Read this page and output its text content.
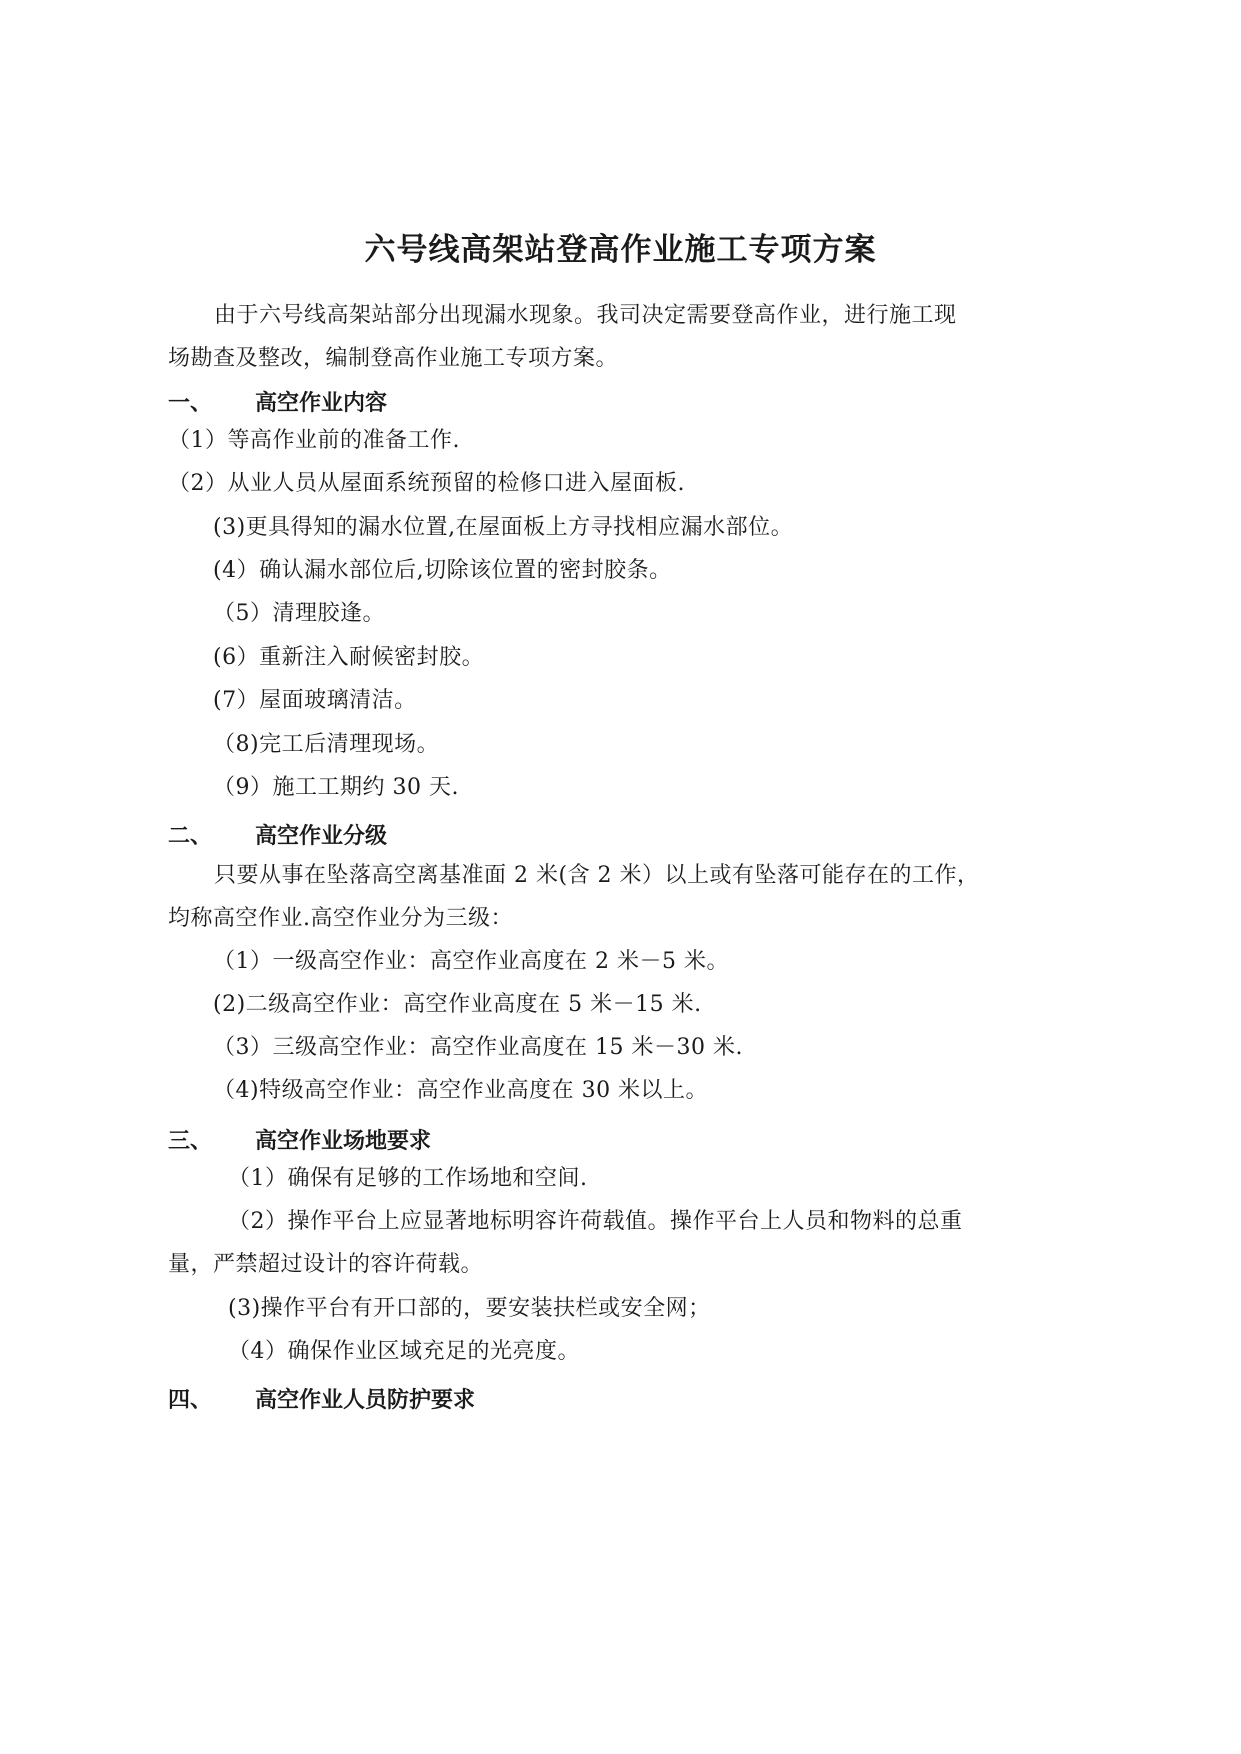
六号线高架站登高作业施工专项方案
由于六号线高架站部分出现漏水现象。我司决定需要登高作业，进行施工现
场勘查及整改，编制登高作业施工专项方案。
一、 高空作业内容
（1）等高作业前的准备工作.
（2）从业人员从屋面系统预留的检修口进入屋面板.
(3)更具得知的漏水位置,在屋面板上方寻找相应漏水部位。
(4）确认漏水部位后,切除该位置的密封胶条。
（5）清理胶逢。
(6）重新注入耐候密封胶。
(7）屋面玻璃清洁。
（8)完工后清理现场。
（9）施工工期约 30 天.
二、 高空作业分级
只要从事在坠落高空离基准面 2 米(含 2 米）以上或有坠落可能存在的工作，
均称高空作业.高空作业分为三级：
（1）一级高空作业：高空作业高度在 2 米－5 米。
(2)二级高空作业：高空作业高度在 5 米－15 米.
（3）三级高空作业：高空作业高度在 15 米－30 米.
（4)特级高空作业：高空作业高度在 30 米以上。
三、 高空作业场地要求
（1）确保有足够的工作场地和空间.
（2）操作平台上应显著地标明容许荷载值。操作平台上人员和物料的总重
量，严禁超过设计的容许荷载。
(3)操作平台有开口部的，要安装扶栏或安全网；
（4）确保作业区域充足的光亮度。
四、 高空作业人员防护要求
